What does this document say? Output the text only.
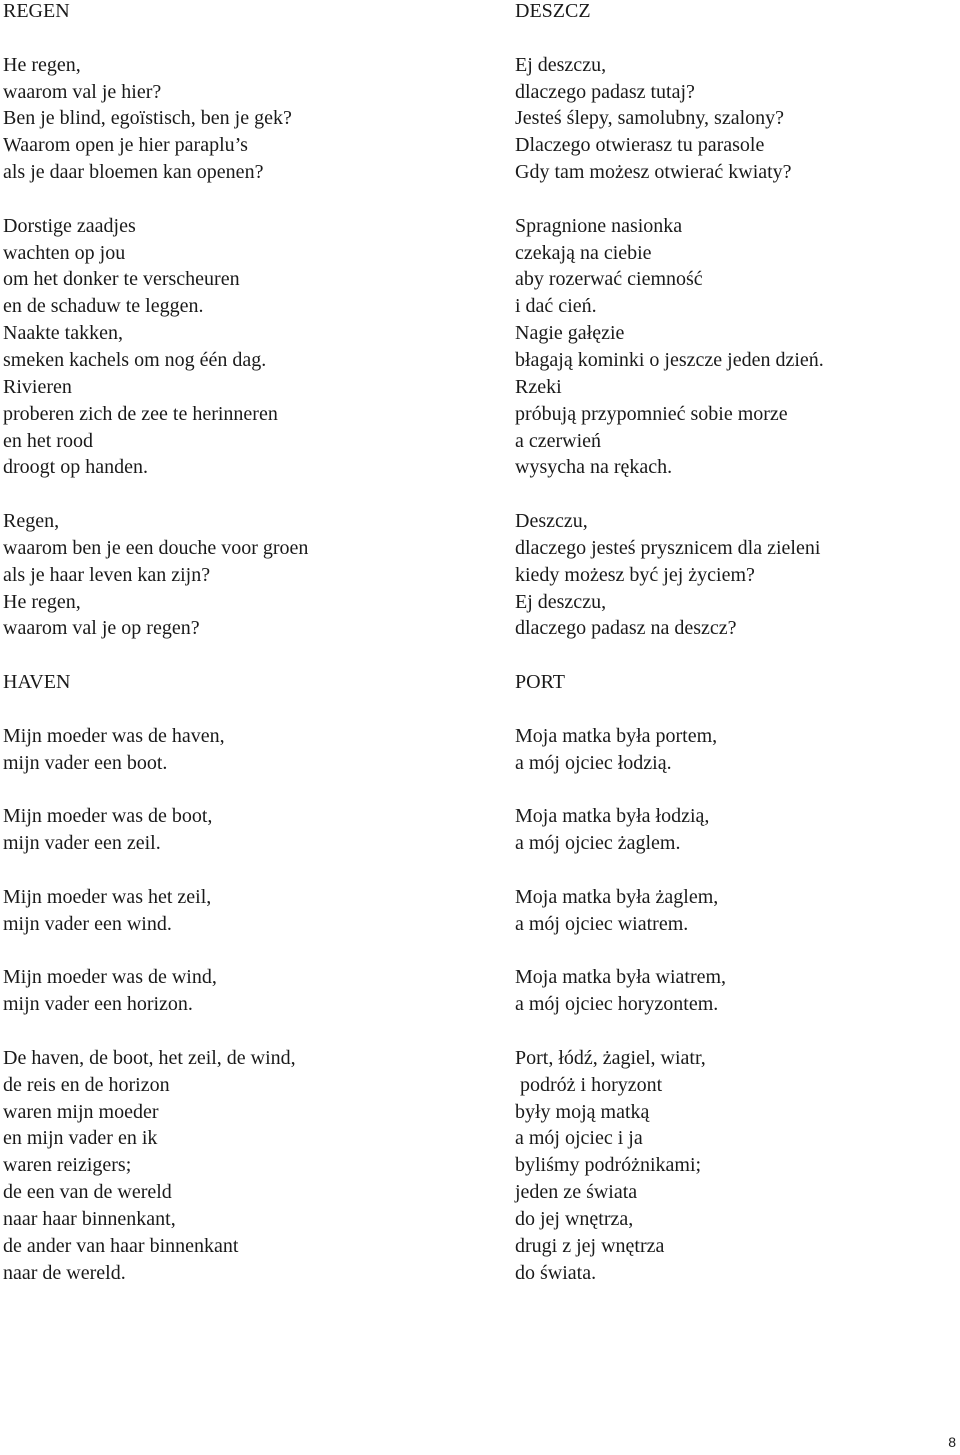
REGEN
He regen,
waarom val je hier?
Ben je blind, egoïstisch, ben je gek?
Waarom open je hier paraplu’s
als je daar bloemen kan openen?
Dorstige zaadjes
wachten op jou
om het donker te verscheuren
en de schaduw te leggen.
Naakte takken,
smeken kachels om nog één dag.
Rivieren
proberen zich de zee te herinneren
en het rood
droogt op handen.
Regen,
waarom ben je een douche voor groen
als je haar leven kan zijn?
He regen,
waarom val je op regen?
HAVEN
Mijn moeder was de haven,
mijn vader een boot.
Mijn moeder was de boot,
mijn vader een zeil.
Mijn moeder was het zeil,
mijn vader een wind.
Mijn moeder was de wind,
mijn vader een horizon.
De haven, de boot, het zeil, de wind,
de reis en de horizon
waren mijn moeder
en mijn vader en ik
waren reizigers;
de een van de wereld
naar haar binnenkant,
de ander van haar binnenkant
naar de wereld.
DESZCZ
Ej deszczu,
dlaczego padasz tutaj?
Jesteś ślepy, samolubny, szalony?
Dlaczego otwierasz tu parasole
Gdy tam możesz otwierać kwiaty?
Spragnione nasionka
czekają na ciebie
aby rozerwać ciemność
i dać cień.
Nagie gałęzie
błagają kominki o jeszcze jeden dzień.
Rzeki
próbują przypomnieć sobie morze
a czerwień
wysycha na rękach.
Deszczu,
dlaczego jesteś prysznicem dla zieleni
kiedy możesz być jej życiem?
Ej deszczu,
dlaczego padasz na deszcz?
PORT
Moja matka była portem,
a mój ojciec łodzią.
Moja matka była łodzią,
a mój ojciec żaglem.
Moja matka była żaglem,
a mój ojciec wiatrem.
Moja matka była wiatrem,
a mój ojciec horyzontem.
Port, łódź, żagiel, wiatr,
podróż i horyzont
były moją matką
a mój ojciec i ja
byliśmy podróżnikami;
jeden ze świata
do jej wnętrza,
drugi z jej wnętrza
do świata.
8
